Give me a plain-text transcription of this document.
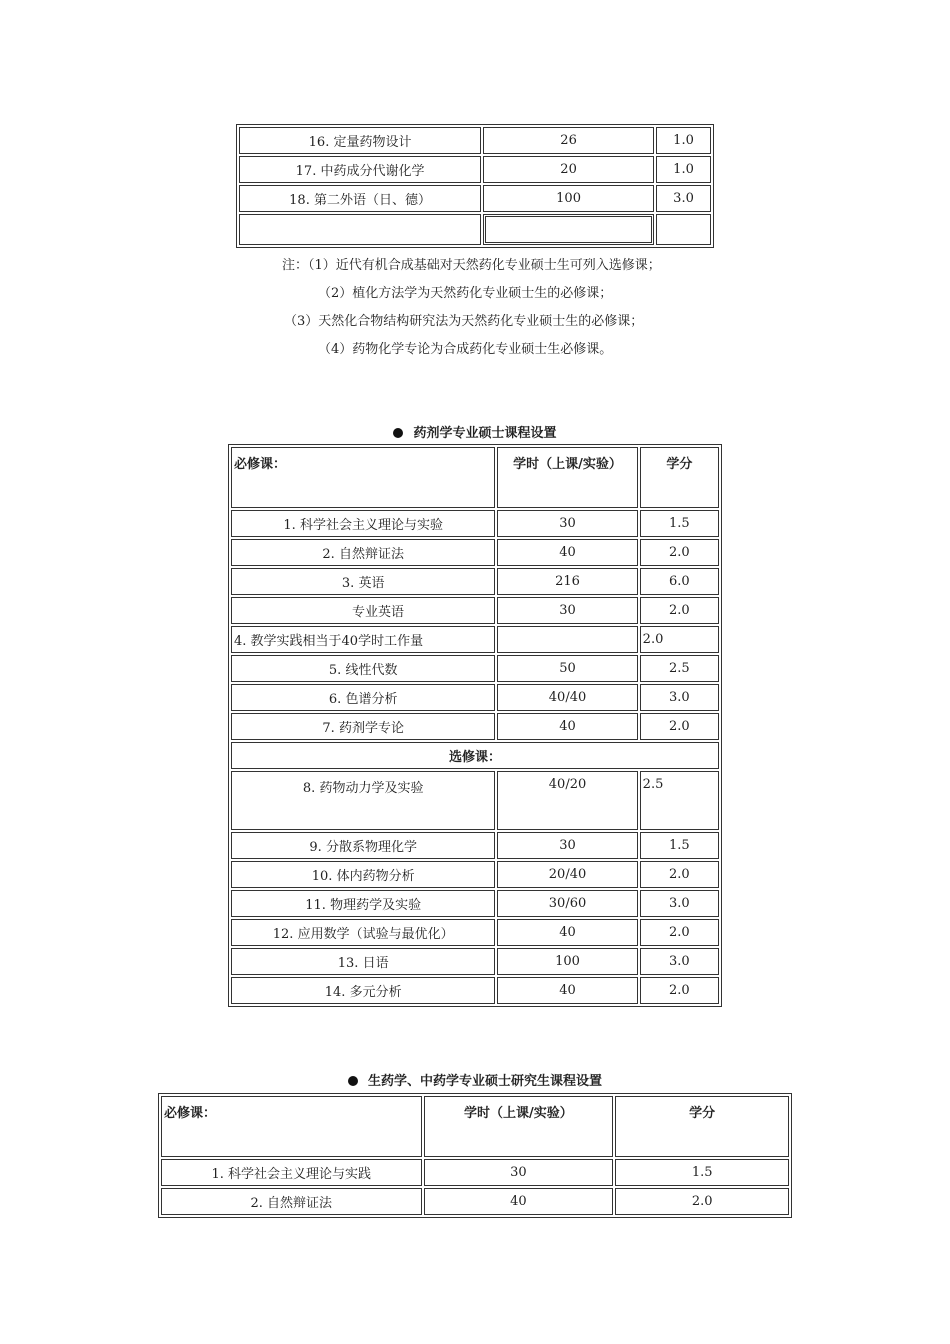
16. 定量药物设计	26	1.0
17. 中药成分代谢化学	20	1.0
18. 第二外语（日、德）	100	3.0

注：（1）近代有机合成基础对天然药化专业硕士生可列入选修课；
（2）植化方法学为天然药化专业硕士生的必修课；
（3）天然化合物结构研究法为天然药化专业硕士生的必修课；
（4）药物化学专论为合成药化专业硕士生必修课。
药剂学专业硕士课程设置
必修课：	学时（上课/实验）	学分
1. 科学社会主义理论与实验	30	1.5
2. 自然辩证法	40	2.0
3. 英语	216	6.0
专业英语	30	2.0
4. 教学实践相当于40学时工作量		2.0
5. 线性代数	50	2.5
6. 色谱分析	40/40	3.0
7. 药剂学专论	40	2.0
选修课：		
8. 药物动力学及实验	40/20	2.5
9. 分散系物理化学	30	1.5
10. 体内药物分析	20/40	2.0
11. 物理药学及实验	30/60	3.0
12. 应用数学（试验与最优化）	40	2.0
13. 日语	100	3.0
14. 多元分析	40	2.0
生药学、中药学专业硕士研究生课程设置
必修课：	学时（上课/实验）	学分
1. 科学社会主义理论与实践	30	1.5
2. 自然辩证法	40	2.0
